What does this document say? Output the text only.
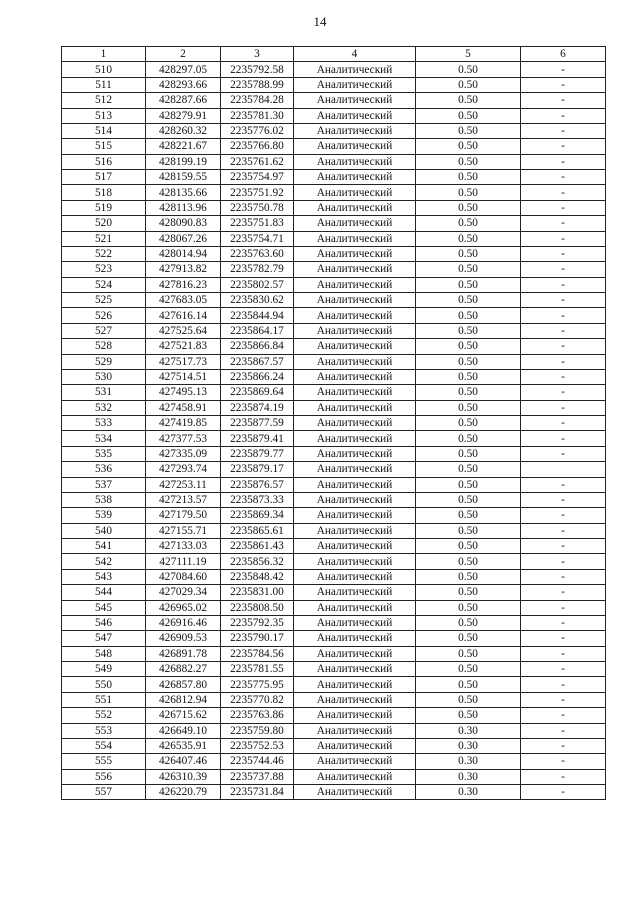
14
1	2	3	4	5	6
510	428297.05	2235792.58	Аналитический	0.50	-
511	428293.66	2235788.99	Аналитический	0.50	-
512	428287.66	2235784.28	Аналитический	0.50	-
513	428279.91	2235781.30	Аналитический	0.50	-
514	428260.32	2235776.02	Аналитический	0.50	-
515	428221.67	2235766.80	Аналитический	0.50	-
516	428199.19	2235761.62	Аналитический	0.50	-
517	428159.55	2235754.97	Аналитический	0.50	-
518	428135.66	2235751.92	Аналитический	0.50	-
519	428113.96	2235750.78	Аналитический	0.50	-
520	428090.83	2235751.83	Аналитический	0.50	-
521	428067.26	2235754.71	Аналитический	0.50	-
522	428014.94	2235763.60	Аналитический	0.50	-
523	427913.82	2235782.79	Аналитический	0.50	-
524	427816.23	2235802.57	Аналитический	0.50	-
525	427683.05	2235830.62	Аналитический	0.50	-
526	427616.14	2235844.94	Аналитический	0.50	-
527	427525.64	2235864.17	Аналитический	0.50	-
528	427521.83	2235866.84	Аналитический	0.50	-
529	427517.73	2235867.57	Аналитический	0.50	-
530	427514.51	2235866.24	Аналитический	0.50	-
531	427495.13	2235869.64	Аналитический	0.50	-
532	427458.91	2235874.19	Аналитический	0.50	-
533	427419.85	2235877.59	Аналитический	0.50	-
534	427377.53	2235879.41	Аналитический	0.50	-
535	427335.09	2235879.77	Аналитический	0.50	-
536	427293.74	2235879.17	Аналитический	0.50	
537	427253.11	2235876.57	Аналитический	0.50	-
538	427213.57	2235873.33	Аналитический	0.50	-
539	427179.50	2235869.34	Аналитический	0.50	-
540	427155.71	2235865.61	Аналитический	0.50	-
541	427133.03	2235861.43	Аналитический	0.50	-
542	427111.19	2235856.32	Аналитический	0.50	-
543	427084.60	2235848.42	Аналитический	0.50	-
544	427029.34	2235831.00	Аналитический	0.50	-
545	426965.02	2235808.50	Аналитический	0.50	-
546	426916.46	2235792.35	Аналитический	0.50	-
547	426909.53	2235790.17	Аналитический	0.50	-
548	426891.78	2235784.56	Аналитический	0.50	-
549	426882.27	2235781.55	Аналитический	0.50	-
550	426857.80	2235775.95	Аналитический	0.50	-
551	426812.94	2235770.82	Аналитический	0.50	-
552	426715.62	2235763.86	Аналитический	0.50	-
553	426649.10	2235759.80	Аналитический	0.30	-
554	426535.91	2235752.53	Аналитический	0.30	-
555	426407.46	2235744.46	Аналитический	0.30	-
556	426310.39	2235737.88	Аналитический	0.30	-
557	426220.79	2235731.84	Аналитический	0.30	-
